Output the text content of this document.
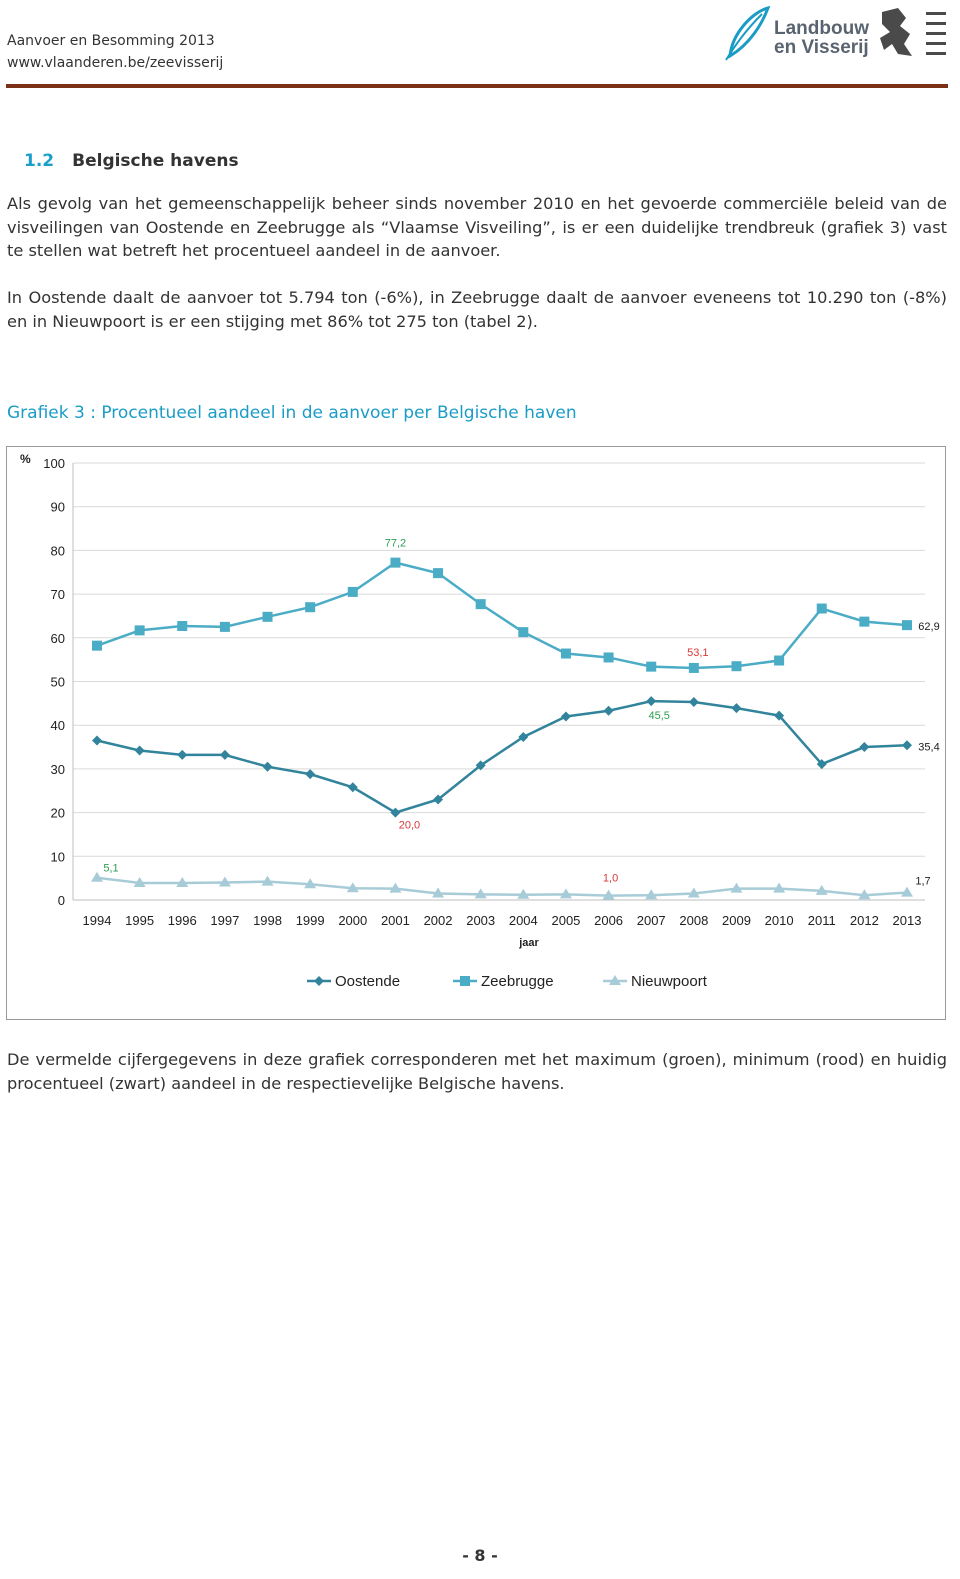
Aanvoer en Besomming 2013
www.vlaanderen.be/zeevisserij
Landbouw
en Visserij
1.2 Belgische havens
Als gevolg van het gemeenschappelijk beheer sinds november 2010 en het gevoerde commerciële beleid van de visveilingen van Oostende en Zeebrugge als “Vlaamse Visveiling”, is er een duidelijke trendbreuk (grafiek 3) vast te stellen wat betreft het procentueel aandeel in de aanvoer.
In Oostende daalt de aanvoer tot 5.794 ton (-6%), in Zeebrugge daalt de aanvoer eveneens tot 10.290 ton (-8%) en in Nieuwpoort is er een stijging met 86% tot 275 ton (tabel 2).
Grafiek 3 : Procentueel aandeel in de aanvoer per Belgische haven
0
10
20
30
40
50
60
70
80
90
100
%
1994 1995 1996 1997 1998 1999 2000 2001 2002 2003 2004 2005 2006 2007 2008 2009 2010 2011 2012 2013
jaar
77,2
53,1
62,9
45,5
20,0
35,4
5,1
1,0	1,7
Oostende	Zeebrugge	Nieuwpoort
De vermelde cijfergegevens in deze grafiek corresponderen met het maximum (groen), minimum (rood) en huidig procentueel (zwart) aandeel in de respectievelijke Belgische havens.
- 8 -
